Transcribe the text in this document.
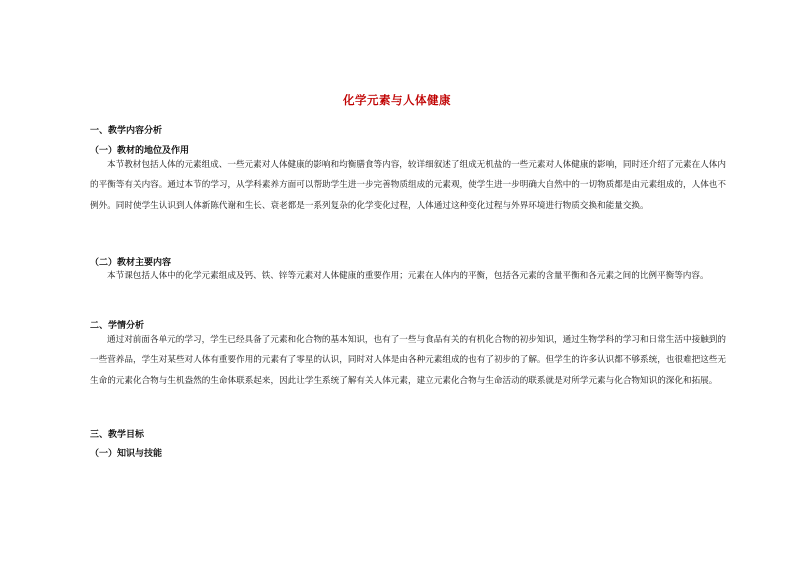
化学元素与人体健康
一、教学内容分析
（一）教材的地位及作用
本节教材包括人体的元素组成、一些元素对人体健康的影响和均衡膳食等内容，较详细叙述了组成无机盐的一些元素对人体健康的影响，同时还介绍了元素在人体内的平衡等有关内容。通过本节的学习，从学科素养方面可以帮助学生进一步完善物质组成的元素观，使学生进一步明确大自然中的一切物质都是由元素组成的，人体也不例外。同时使学生认识到人体新陈代谢和生长、衰老都是一系列复杂的化学变化过程，人体通过这种变化过程与外界环境进行物质交换和能量交换。
（二）教材主要内容
本节课包括人体中的化学元素组成及钙、铁、锌等元素对人体健康的重要作用；元素在人体内的平衡，包括各元素的含量平衡和各元素之间的比例平衡等内容。
二、学情分析
通过对前面各单元的学习，学生已经具备了元素和化合物的基本知识，也有了一些与食品有关的有机化合物的初步知识，通过生物学科的学习和日常生活中接触到的一些营养品，学生对某些对人体有重要作用的元素有了零星的认识，同时对人体是由各种元素组成的也有了初步的了解。但学生的许多认识都不够系统，也很难把这些无生命的元素化合物与生机盎然的生命体联系起来，因此让学生系统了解有关人体元素，建立元素化合物与生命活动的联系就是对所学元素与化合物知识的深化和拓展。
三、教学目标
（一）知识与技能
